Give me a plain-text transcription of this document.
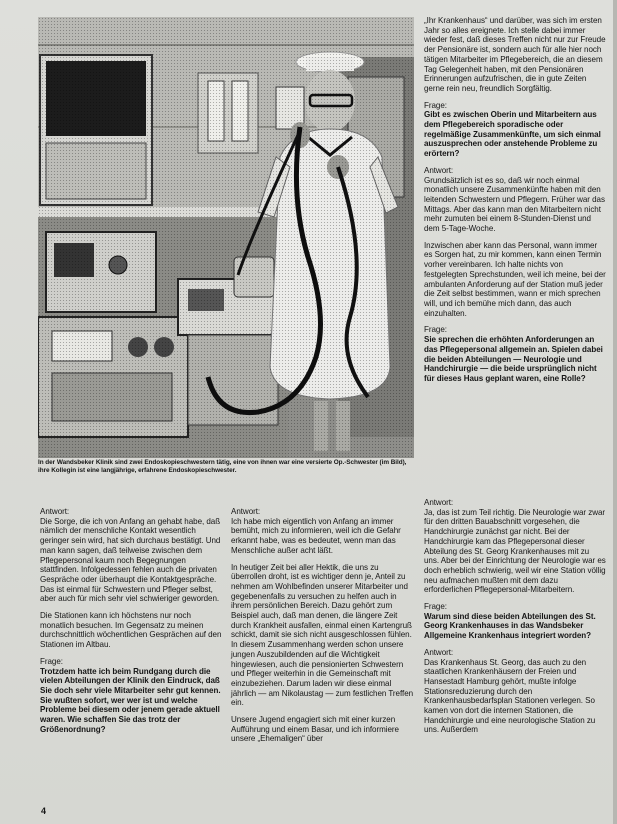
In der Wandsbeker Klinik sind zwei Endoskopieschwestern tätig, eine von ihnen war eine versierte Op.-Schwester (im Bild), ihre Kollegin ist eine langjährige, erfahrene Endoskopieschwester.

„Ihr Krankenhaus“ und darüber, was sich im ersten Jahr so alles ereignete. Ich stelle dabei immer wieder fest, daß dieses Treffen nicht nur zur Freude der Pensionäre ist, sondern auch für alle hier noch tätigen Mitarbeiter im Pflegebereich, die an diesem Tag Gelegenheit haben, mit den Pensionären Erinnerungen aufzufrischen, die in gute Zeiten gerne rein neu, freundlich Sorgfältig.

Frage:

Gibt es zwischen Oberin und Mitarbeitern aus dem Pflegebereich sporadische oder regelmäßige Zusammenkünfte, um sich einmal auszusprechen oder anstehende Probleme zu erörtern?

Antwort:

Grundsätzlich ist es so, daß wir noch einmal monatlich unsere Zusammenkünfte haben mit den leitenden Schwestern und Pflegern. Früher war das Mittags. Aber das kann man den Mitarbeitern nicht mehr zumuten bei einem 8-Stunden-Dienst und dem 5-Tage-Woche.

Inzwischen aber kann das Personal, wann immer es Sorgen hat, zu mir kommen, kann einen Termin vorher vereinbaren. Ich halte nichts von festgelegten Sprechstunden, weil ich meine, bei der ambulanten Anforderung auf der Station muß jeder die Zeit selbst bestimmen, wann er mich sprechen will, und ich bemühe mich dann, das auch einzuhalten.

Frage:

Sie sprechen die erhöhten Anforderungen an das Pflegepersonal allgemein an. Spielen dabei die beiden Abteilungen — Neurologie und Handchirurgie — die beide ursprünglich nicht für dieses Haus geplant waren, eine Rolle?

Antwort:

Die Sorge, die ich von Anfang an gehabt habe, daß nämlich der menschliche Kontakt wesentlich geringer sein wird, hat sich durchaus bestätigt. Und man kann sagen, daß teilweise zwischen dem Pflegepersonal kaum noch Begegnungen stattfinden. Infolgedessen fehlen auch die privaten Gespräche oder überhaupt die Kontaktgespräche. Das ist einmal für Schwestern und Pfleger selbst, aber auch für mich sehr viel schwieriger geworden.

Die Stationen kann ich höchstens nur noch monatlich besuchen. Im Gegensatz zu meinen durchschnittlich wöchentlichen Gesprächen auf den Stationen im Altbau.

Frage:

Trotzdem hatte ich beim Rundgang durch die vielen Abteilungen der Klinik den Eindruck, daß Sie doch sehr viele Mitarbeiter sehr gut kennen. Sie wußten sofort, wer wer ist und welche Probleme bei diesem oder jenem gerade aktuell waren. Wie schaffen Sie das trotz der Größenordnung?

Antwort:

Ich habe mich eigentlich von Anfang an immer bemüht, mich zu informieren, weil ich die Gefahr erkannt habe, was es bedeutet, wenn man das Menschliche außer acht läßt.

In heutiger Zeit bei aller Hektik, die uns zu überrollen droht, ist es wichtiger denn je, Anteil zu nehmen am Wohlbefinden unserer Mitarbeiter und gegebenenfalls zu versuchen zu helfen auch in ihrem persönlichen Bereich. Dazu gehört zum Beispiel auch, daß man denen, die längere Zeit durch Krankheit ausfallen, einmal einen Kartengruß schickt, damit sie sich nicht ausgeschlossen fühlen. In diesem Zusammenhang werden schon unsere jungen Auszubildenden auf die Wichtigkeit hingewiesen, auch die pensionierten Schwestern und Pfleger weiterhin in die Gemeinschaft mit einzubeziehen. Darum laden wir diese einmal jährlich — am Nikolaustag — zum festlichen Treffen ein.

Unsere Jugend engagiert sich mit einer kurzen Aufführung und einem Basar, und ich informiere unsere „Ehemaligen“ über

Antwort:

Ja, das ist zum Teil richtig. Die Neurologie war zwar für den dritten Bauabschnitt vorgesehen, die Handchirurgie zunächst gar nicht. Bei der Handchirurgie kam das Pflegepersonal dieser Abteilung des St. Georg Krankenhauses mit zu uns. Aber bei der Einrichtung der Neurologie war es doch erheblich schwierig, weil wir eine Station völlig neu aufmachen mußten mit dem dazu erforderlichen Pflegepersonal-Mitarbeitern.

Frage:

Warum sind diese beiden Abteilungen des St. Georg Krankenhauses in das Wandsbeker Allgemeine Krankenhaus integriert worden?

Antwort:

Das Krankenhaus St. Georg, das auch zu den staatlichen Krankenhäusern der Freien und Hansestadt Hamburg gehört, mußte infolge Stationsreduzierung durch den Krankenhausbedarfsplan Stationen verlegen. So kamen von dort die internen Stationen, die Handchirurgie und eine neurologische Station zu uns. Außerdem

4
